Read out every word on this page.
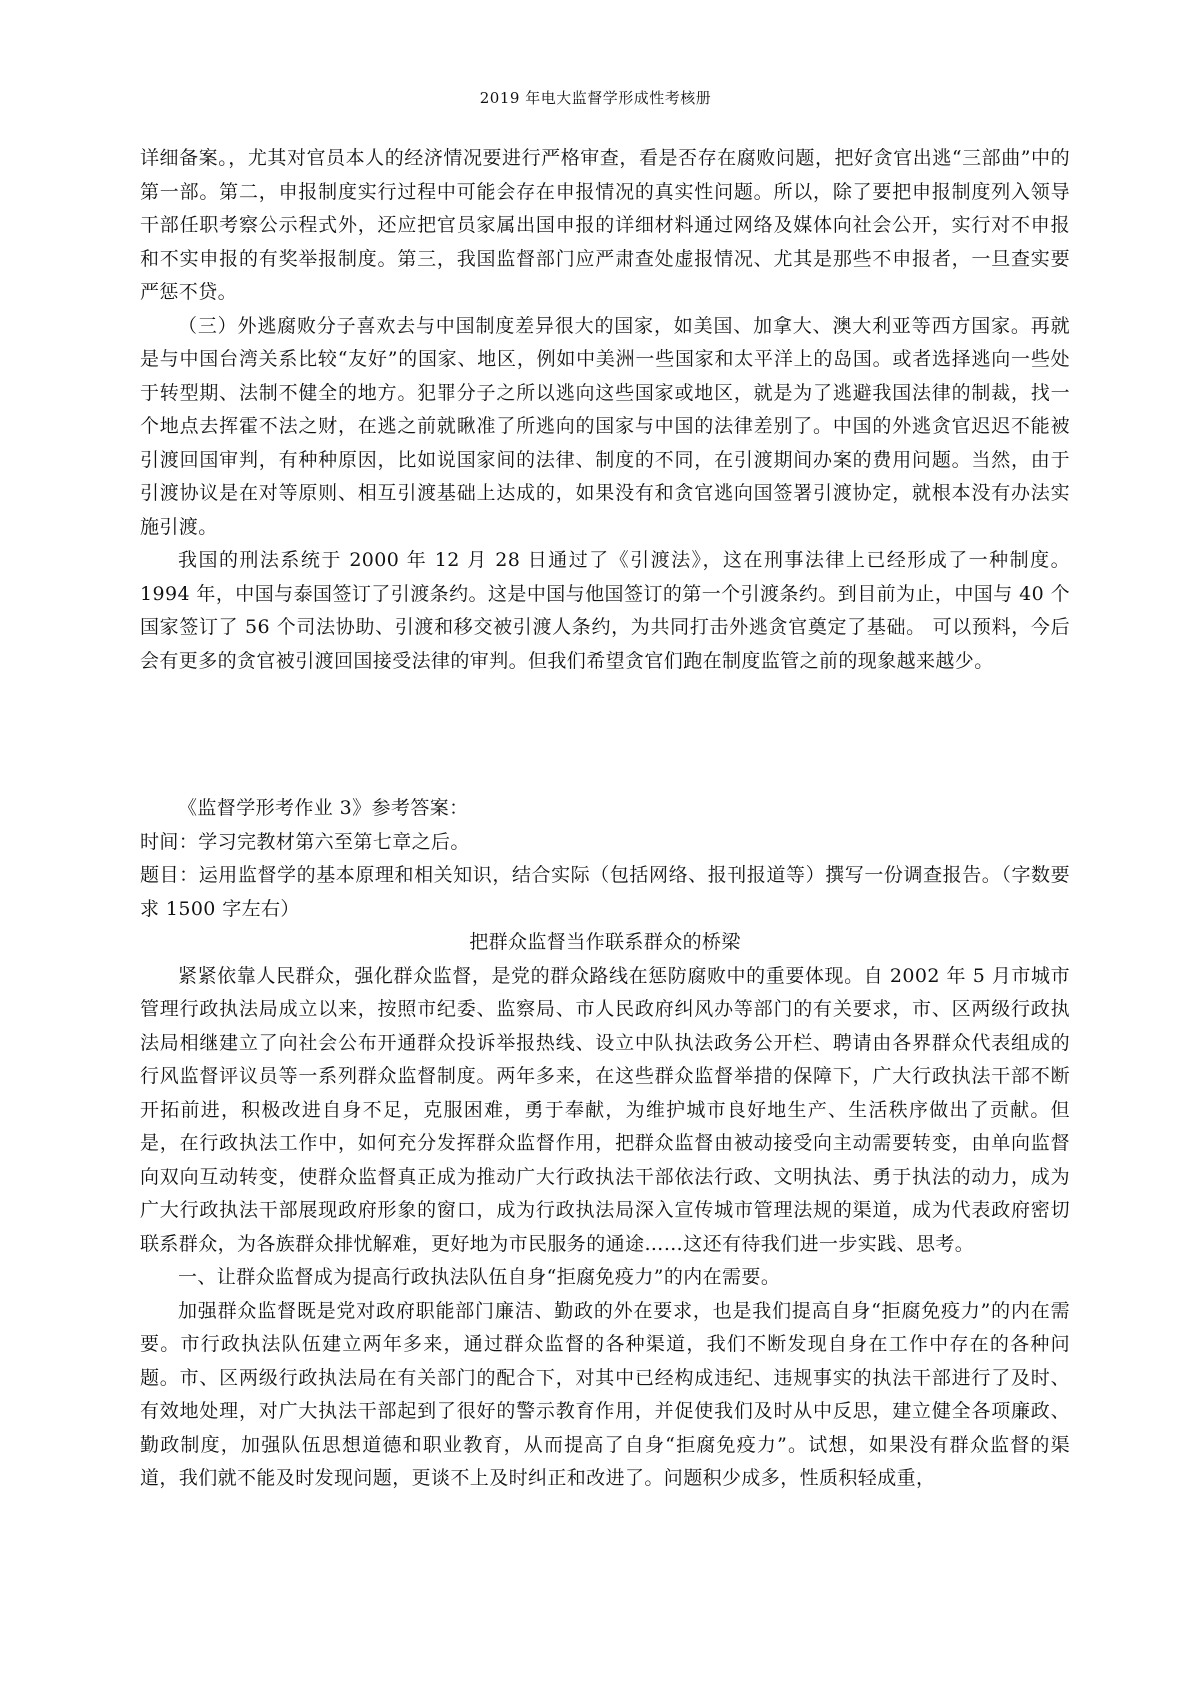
2019 年电大监督学形成性考核册

详细备案。，尤其对官员本人的经济情况要进行严格审查，看是否存在腐败问题，把好贪官出逃“三部曲”中的第一部。第二，申报制度实行过程中可能会存在申报情况的真实性问题。所以，除了要把申报制度列入领导干部任职考察公示程式外，还应把官员家属出国申报的详细材料通过网络及媒体向社会公开，实行对不申报和不实申报的有奖举报制度。第三，我国监督部门应严肃查处虚报情况、尤其是那些不申报者，一旦查实要严惩不贷。

（三）外逃腐败分子喜欢去与中国制度差异很大的国家，如美国、加拿大、澳大利亚等西方国家。再就是与中国台湾关系比较“友好”的国家、地区，例如中美洲一些国家和太平洋上的岛国。或者选择逃向一些处于转型期、法制不健全的地方。犯罪分子之所以逃向这些国家或地区，就是为了逃避我国法律的制裁，找一个地点去挥霍不法之财，在逃之前就瞅准了所逃向的国家与中国的法律差别了。中国的外逃贪官迟迟不能被引渡回国审判，有种种原因，比如说国家间的法律、制度的不同，在引渡期间办案的费用问题。当然，由于引渡协议是在对等原则、相互引渡基础上达成的，如果没有和贪官逃向国签署引渡协定，就根本没有办法实施引渡。

我国的刑法系统于 2000 年 12 月 28 日通过了《引渡法》，这在刑事法律上已经形成了一种制度。1994 年，中国与泰国签订了引渡条约。这是中国与他国签订的第一个引渡条约。到目前为止，中国与 40 个国家签订了 56 个司法协助、引渡和移交被引渡人条约，为共同打击外逃贪官奠定了基础。 可以预料，今后会有更多的贪官被引渡回国接受法律的审判。但我们希望贪官们跑在制度监管之前的现象越来越少。

《监督学形考作业 3》参考答案：

时间：学习完教材第六至第七章之后。

题目：运用监督学的基本原理和相关知识，结合实际（包括网络、报刊报道等）撰写一份调查报告。（字数要求 1500 字左右）

把群众监督当作联系群众的桥梁

紧紧依靠人民群众，强化群众监督，是党的群众路线在惩防腐败中的重要体现。自 2002 年 5 月市城市管理行政执法局成立以来，按照市纪委、监察局、市人民政府纠风办等部门的有关要求，市、区两级行政执法局相继建立了向社会公布开通群众投诉举报热线、设立中队执法政务公开栏、聘请由各界群众代表组成的行风监督评议员等一系列群众监督制度。两年多来，在这些群众监督举措的保障下，广大行政执法干部不断开拓前进，积极改进自身不足，克服困难，勇于奉献，为维护城市良好地生产、生活秩序做出了贡献。但是，在行政执法工作中，如何充分发挥群众监督作用，把群众监督由被动接受向主动需要转变，由单向监督向双向互动转变，使群众监督真正成为推动广大行政执法干部依法行政、文明执法、勇于执法的动力，成为广大行政执法干部展现政府形象的窗口，成为行政执法局深入宣传城市管理法规的渠道，成为代表政府密切联系群众，为各族群众排忧解难，更好地为市民服务的通途……这还有待我们进一步实践、思考。

一、让群众监督成为提高行政执法队伍自身“拒腐免疫力”的内在需要。

加强群众监督既是党对政府职能部门廉洁、勤政的外在要求，也是我们提高自身“拒腐免疫力”的内在需要。市行政执法队伍建立两年多来，通过群众监督的各种渠道，我们不断发现自身在工作中存在的各种问题。市、区两级行政执法局在有关部门的配合下，对其中已经构成违纪、违规事实的执法干部进行了及时、有效地处理，对广大执法干部起到了很好的警示教育作用，并促使我们及时从中反思，建立健全各项廉政、勤政制度，加强队伍思想道德和职业教育，从而提高了自身“拒腐免疫力”。试想，如果没有群众监督的渠道，我们就不能及时发现问题，更谈不上及时纠正和改进了。问题积少成多，性质积轻成重，
